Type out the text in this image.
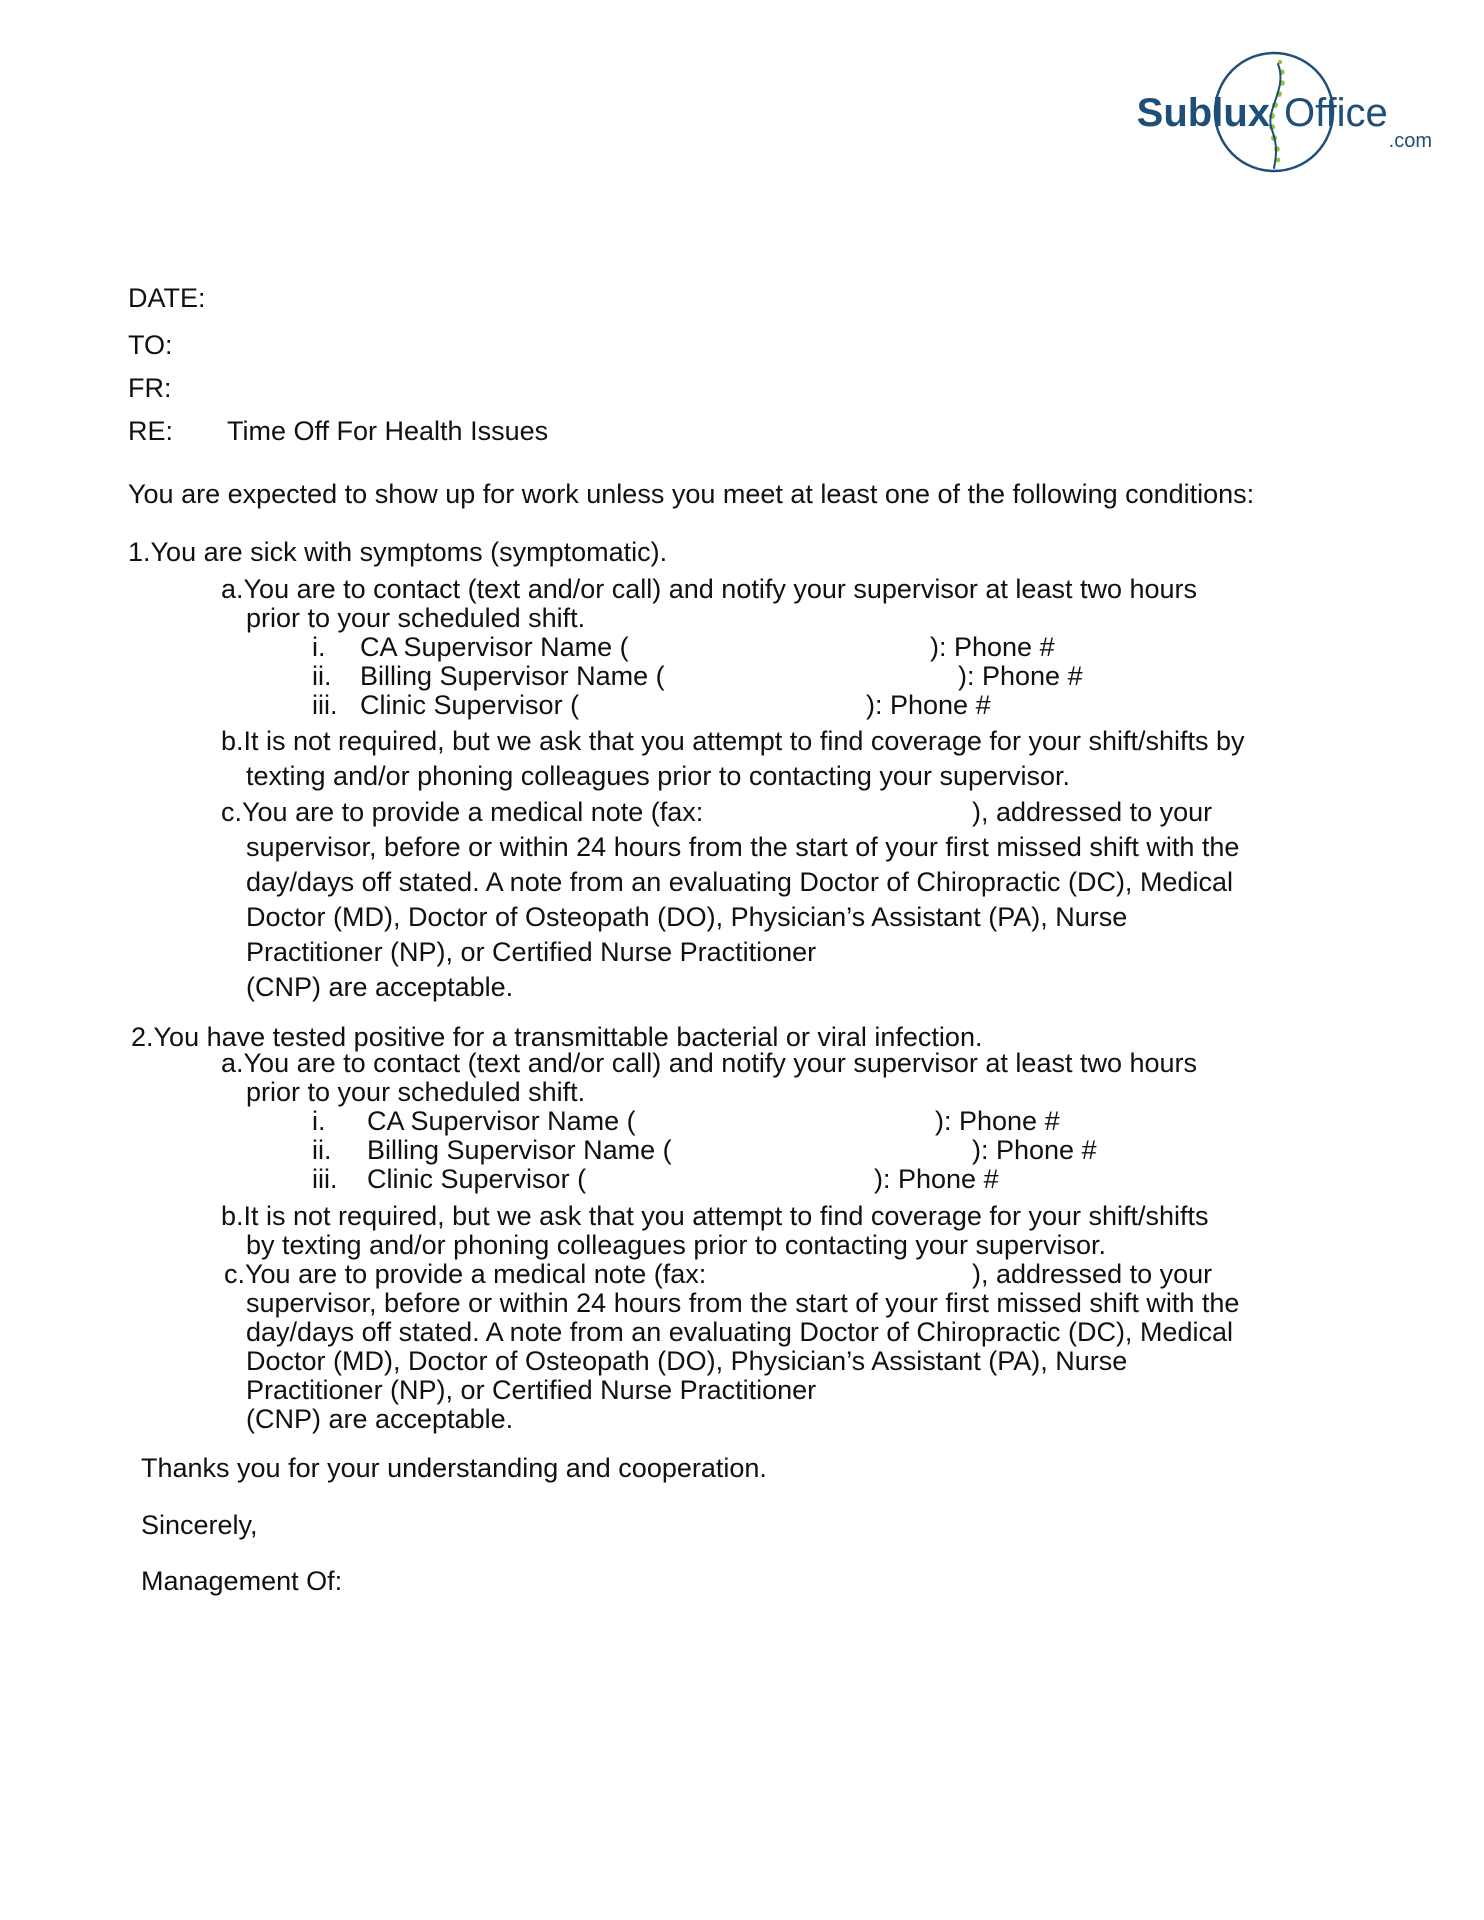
Sublux Office
.com
DATE:
TO:
FR:
RE: Time Off For Health Issues
You are expected to show up for work unless you meet at least one of the following conditions:
1.You are sick with symptoms (symptomatic).
a.You are to contact (text and/or call) and notify your supervisor at least two hours
prior to your scheduled shift.
i. CA Supervisor Name (	): Phone #
ii. Billing Supervisor Name (	): Phone #
iii. Clinic Supervisor (	): Phone #
b.It is not required, but we ask that you attempt to find coverage for your shift/shifts by
texting and/or phoning colleagues prior to contacting your supervisor.
c.You are to provide a medical note (fax:	), addressed to your
supervisor, before or within 24 hours from the start of your first missed shift with the
day/days off stated. A note from an evaluating Doctor of Chiropractic (DC), Medical
Doctor (MD), Doctor of Osteopath (DO), Physician’s Assistant (PA), Nurse
Practitioner (NP), or Certified Nurse Practitioner
(CNP) are acceptable.
2.You have tested positive for a transmittable bacterial or viral infection.
a.You are to contact (text and/or call) and notify your supervisor at least two hours
prior to your scheduled shift.
i. CA Supervisor Name (	): Phone #
ii. Billing Supervisor Name (	): Phone #
iii. Clinic Supervisor (	): Phone #
b.It is not required, but we ask that you attempt to find coverage for your shift/shifts
by texting and/or phoning colleagues prior to contacting your supervisor.
c.You are to provide a medical note (fax:	), addressed to your
supervisor, before or within 24 hours from the start of your first missed shift with the
day/days off stated. A note from an evaluating Doctor of Chiropractic (DC), Medical
Doctor (MD), Doctor of Osteopath (DO), Physician’s Assistant (PA), Nurse
Practitioner (NP), or Certified Nurse Practitioner
(CNP) are acceptable.
Thanks you for your understanding and cooperation.
Sincerely,
Management Of:
